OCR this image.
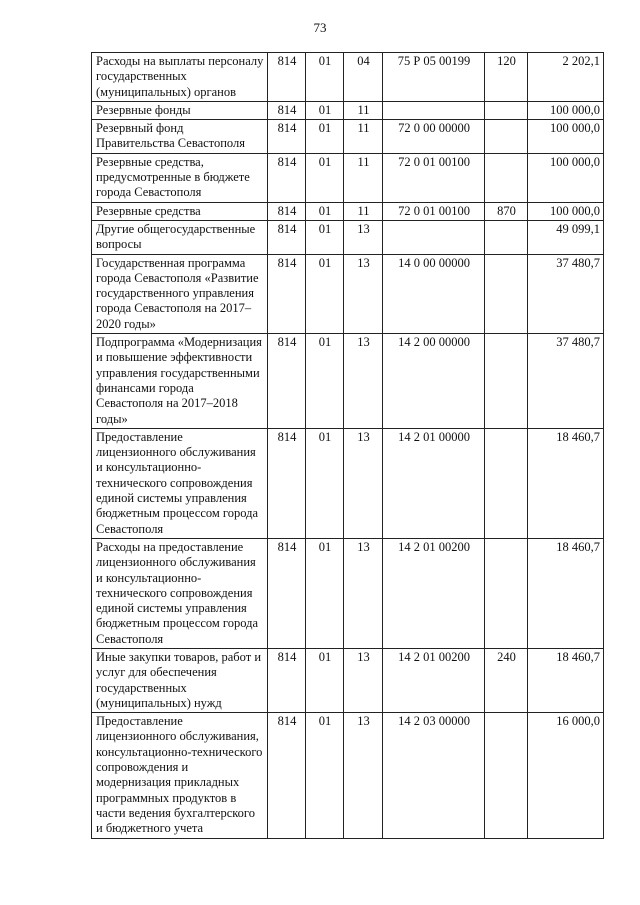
73
Расходы на выплаты персоналу государственных (муниципальных) органов	814	01	04	75 Р 05 00199	120	2 202,1
Резервные фонды	814	01	11			100 000,0
Резервный фонд Правительства Севастополя	814	01	11	72 0 00 00000		100 000,0
Резервные средства, предусмотренные в бюджете города Севастополя	814	01	11	72 0 01 00100		100 000,0
Резервные средства	814	01	11	72 0 01 00100	870	100 000,0
Другие общегосударственные вопросы	814	01	13			49 099,1
Государственная программа города Севастополя «Развитие государственного управления города Севастополя на 2017–2020 годы»	814	01	13	14 0 00 00000		37 480,7
Подпрограмма «Модернизация и повышение эффективности управления государственными финансами города Севастополя на 2017–2018 годы»	814	01	13	14 2 00 00000		37 480,7
Предоставление лицензионного обслуживания и консультационно-технического сопровождения единой системы управления бюджетным процессом города Севастополя	814	01	13	14 2 01 00000		18 460,7
Расходы на предоставление лицензионного обслуживания и консультационно-технического сопровождения единой системы управления бюджетным процессом города Севастополя	814	01	13	14 2 01 00200		18 460,7
Иные закупки товаров, работ и услуг для обеспечения государственных (муниципальных) нужд	814	01	13	14 2 01 00200	240	18 460,7
Предоставление лицензионного обслуживания, консультационно-технического сопровождения и модернизация прикладных программных продуктов в части ведения бухгалтерского и бюджетного учета	814	01	13	14 2 03 00000		16 000,0
